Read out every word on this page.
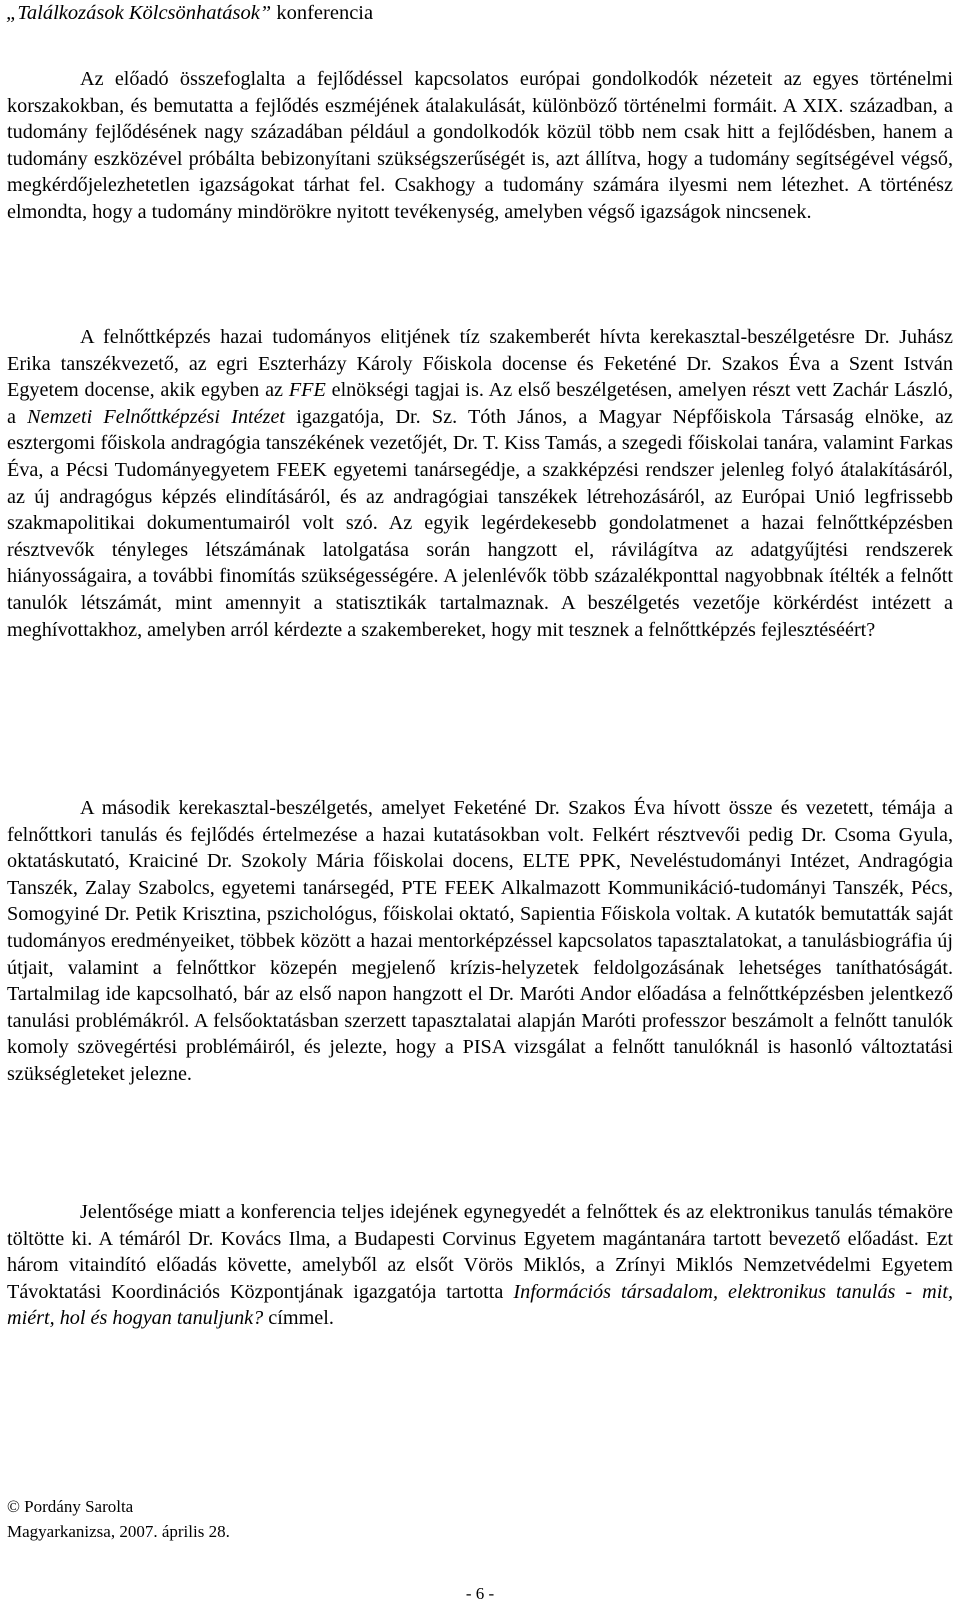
„Találkozások Kölcsönhatások” konferencia

Az előadó összefoglalta a fejlődéssel kapcsolatos európai gondolkodók nézeteit az egyes történelmi korszakokban, és bemutatta a fejlődés eszméjének átalakulását, különböző történelmi formáit. A XIX. században, a tudomány fejlődésének nagy századában például a gondolkodók közül több nem csak hitt a fejlődésben, hanem a tudomány eszközével próbálta bebizonyítani szükségszerűségét is, azt állítva, hogy a tudomány segítségével végső, megkérdőjelezhetetlen igazságokat tárhat fel. Csakhogy a tudomány számára ilyesmi nem létezhet. A történész elmondta, hogy a tudomány mindörökre nyitott tevékenység, amelyben végső igazságok nincsenek.

A felnőttképzés hazai tudományos elitjének tíz szakemberét hívta kerekasztal-beszélgetésre Dr. Juhász Erika tanszékvezető, az egri Eszterházy Károly Főiskola docense és Feketéné Dr. Szakos Éva a Szent István Egyetem docense, akik egyben az FFE elnökségi tagjai is. Az első beszélgetésen, amelyen részt vett Zachár László, a Nemzeti Felnőttképzési Intézet igazgatója, Dr. Sz. Tóth János, a Magyar Népfőiskola Társaság elnöke, az esztergomi főiskola andragógia tanszékének vezetőjét, Dr. T. Kiss Tamás, a szegedi főiskolai tanára, valamint Farkas Éva, a Pécsi Tudományegyetem FEEK egyetemi tanársegédje, a szakképzési rendszer jelenleg folyó átalakításáról, az új andragógus képzés elindításáról, és az andragógiai tanszékek létrehozásáról, az Európai Unió legfrissebb szakmapolitikai dokumentumairól volt szó. Az egyik legérdekesebb gondolatmenet a hazai felnőttképzésben résztvevők tényleges létszámának latolgatása során hangzott el, rávilágítva az adatgyűjtési rendszerek hiányosságaira, a további finomítás szükségességére. A jelenlévők több százalékponttal nagyobbnak ítélték a felnőtt tanulók létszámát, mint amennyit a statisztikák tartalmaznak. A beszélgetés vezetője körkérdést intézett a meghívottakhoz, amelyben arról kérdezte a szakembereket, hogy mit tesznek a felnőttképzés fejlesztéséért?

A második kerekasztal-beszélgetés, amelyet Feketéné Dr. Szakos Éva hívott össze és vezetett, témája a felnőttkori tanulás és fejlődés értelmezése a hazai kutatásokban volt. Felkért résztvevői pedig Dr. Csoma Gyula, oktatáskutató, Kraiciné Dr. Szokoly Mária főiskolai docens, ELTE PPK, Neveléstudományi Intézet, Andragógia Tanszék, Zalay Szabolcs, egyetemi tanársegéd, PTE FEEK Alkalmazott Kommunikáció-tudományi Tanszék, Pécs, Somogyiné Dr. Petik Krisztina, pszichológus, főiskolai oktató, Sapientia Főiskola voltak. A kutatók bemutatták saját tudományos eredményeiket, többek között a hazai mentorképzéssel kapcsolatos tapasztalatokat, a tanulásbiográfia új útjait, valamint a felnőttkor közepén megjelenő krízis-helyzetek feldolgozásának lehetséges taníthatóságát. Tartalmilag ide kapcsolható, bár az első napon hangzott el Dr. Maróti Andor előadása a felnőttképzésben jelentkező tanulási problémákról. A felsőoktatásban szerzett tapasztalatai alapján Maróti professzor beszámolt a felnőtt tanulók komoly szövegértési problémáiról, és jelezte, hogy a PISA vizsgálat a felnőtt tanulóknál is hasonló változtatási szükségleteket jelezne.

Jelentősége miatt a konferencia teljes idejének egynegyedét a felnőttek és az elektronikus tanulás témaköre töltötte ki. A témáról Dr. Kovács Ilma, a Budapesti Corvinus Egyetem magántanára tartott bevezető előadást. Ezt három vitaindító előadás követte, amelyből az elsőt Vörös Miklós, a Zrínyi Miklós Nemzetvédelmi Egyetem Távoktatási Koordinációs Központjának igazgatója tartotta Információs társadalom, elektronikus tanulás - mit, miért, hol és hogyan tanuljunk? címmel.

© Pordány Sarolta
Magyarkanizsa, 2007. április 28.
- 6 -
